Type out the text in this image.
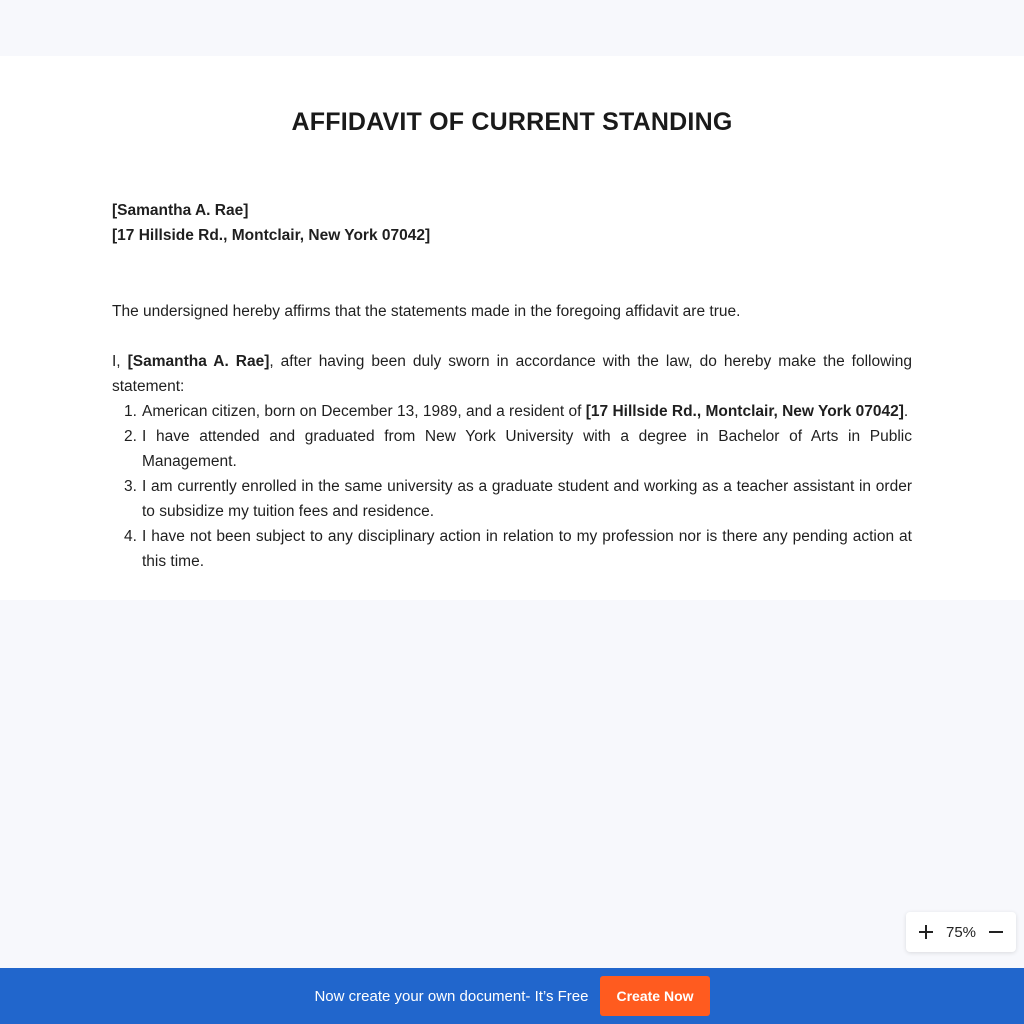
AFFIDAVIT OF CURRENT STANDING
[Samantha A. Rae]
[17 Hillside Rd., Montclair, New York 07042]

The undersigned hereby affirms that the statements made in the foregoing affidavit are true.

I, [Samantha A. Rae], after having been duly sworn in accordance with the law, do hereby make the following statement:

1. American citizen, born on December 13, 1989, and a resident of [17 Hillside Rd., Montclair, New York 07042].
2. I have attended and graduated from New York University with a degree in Bachelor of Arts in Public Management.
3. I am currently enrolled in the same university as a graduate student and working as a teacher assistant in order to subsidize my tuition fees and residence.
4. I have not been subject to any disciplinary action in relation to my profession nor is there any pending action at this time.
75%
Now create your own document- It’s Free	Create Now
